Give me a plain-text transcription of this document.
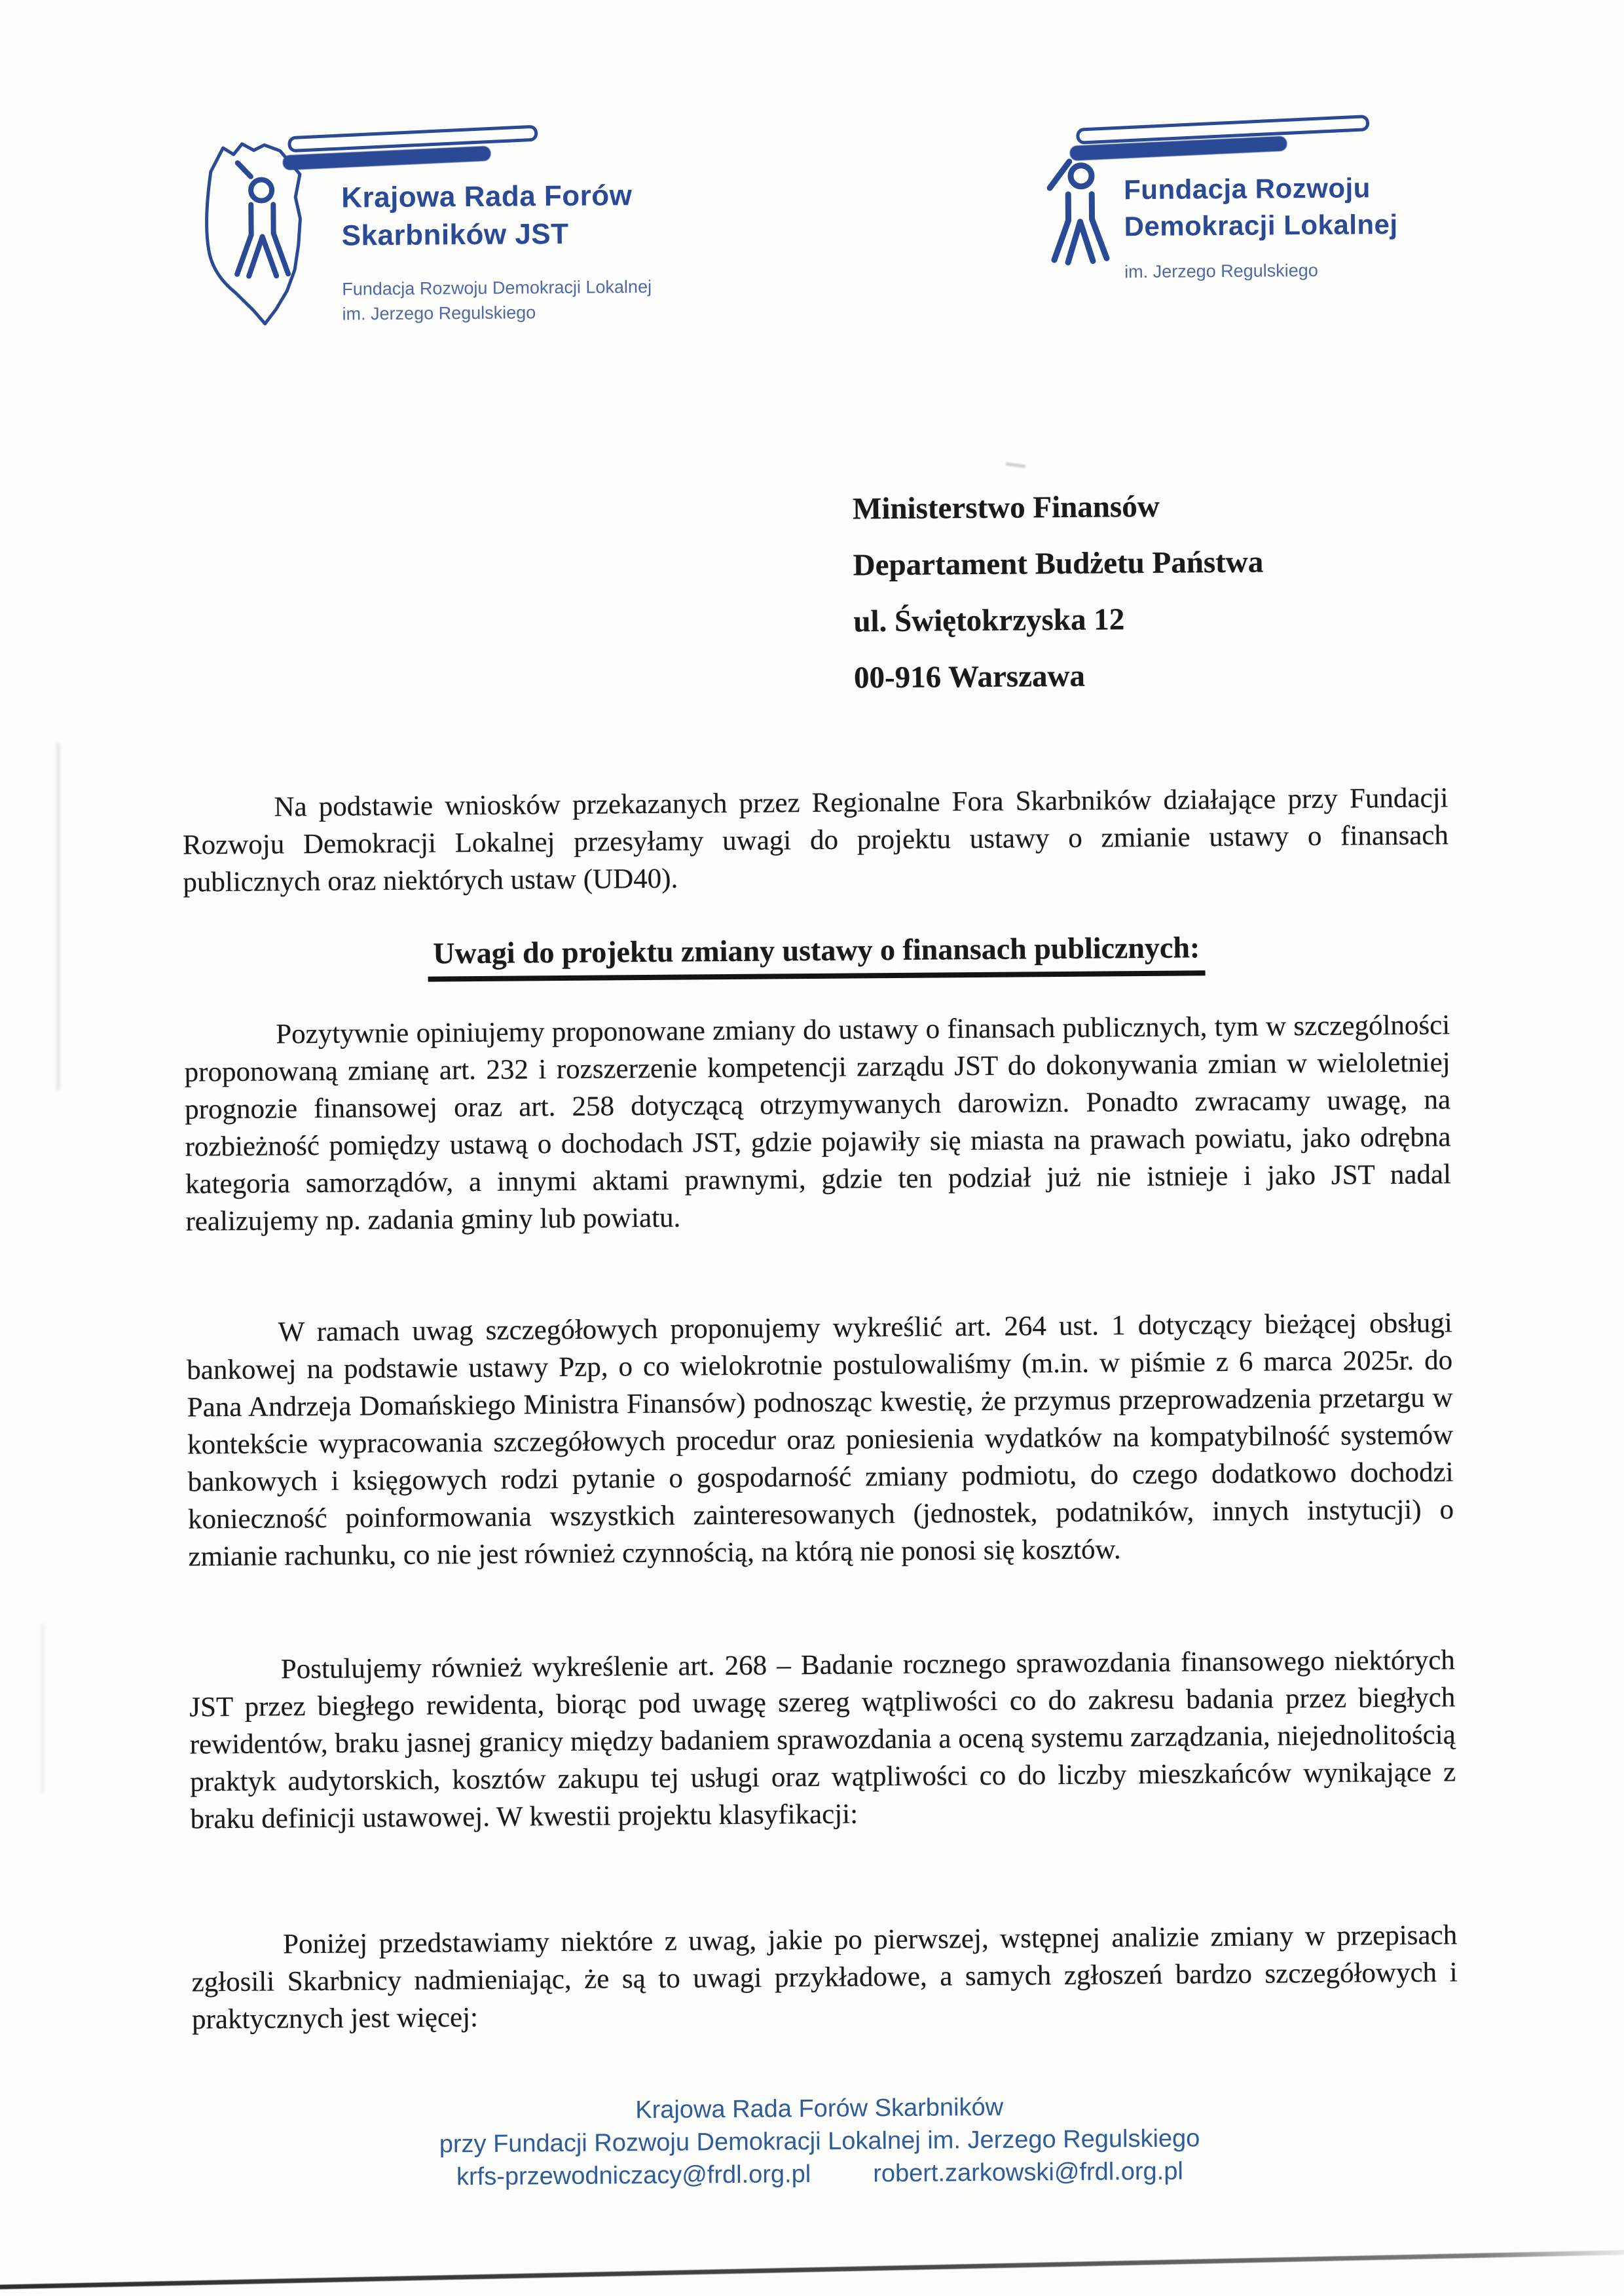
Krajowa Rada Forów
Skarbników JST
Fundacja Rozwoju Demokracji Lokalnej
im. Jerzego Regulskiego
Fundacja Rozwoju
Demokracji Lokalnej
im. Jerzego Regulskiego
Ministerstwo Finansów
Departament Budżetu Państwa
ul. Świętokrzyska 12
00-916 Warszawa

Na podstawie wniosków przekazanych przez Regionalne Fora Skarbników działające przy Fundacji Rozwoju Demokracji Lokalnej przesyłamy uwagi do projektu ustawy o zmianie ustawy o finansach publicznych oraz niektórych ustaw (UD40).

Uwagi do projektu zmiany ustawy o finansach publicznych:

Pozytywnie opiniujemy proponowane zmiany do ustawy o finansach publicznych, tym w szczególności proponowaną zmianę art. 232 i rozszerzenie kompetencji zarządu JST do dokonywania zmian w wieloletniej prognozie finansowej oraz art. 258 dotyczącą otrzymywanych darowizn. Ponadto zwracamy uwagę, na rozbieżność pomiędzy ustawą o dochodach JST, gdzie pojawiły się miasta na prawach powiatu, jako odrębna kategoria samorządów, a innymi aktami prawnymi, gdzie ten podział już nie istnieje i jako JST nadal realizujemy np. zadania gminy lub powiatu.

W ramach uwag szczegółowych proponujemy wykreślić art. 264 ust. 1 dotyczący bieżącej obsługi bankowej na podstawie ustawy Pzp, o co wielokrotnie postulowaliśmy (m.in. w piśmie z 6 marca 2025r. do Pana Andrzeja Domańskiego Ministra Finansów) podnosząc kwestię, że przymus przeprowadzenia przetargu w kontekście wypracowania szczegółowych procedur oraz poniesienia wydatków na kompatybilność systemów bankowych i księgowych rodzi pytanie o gospodarność zmiany podmiotu, do czego dodatkowo dochodzi konieczność poinformowania wszystkich zainteresowanych (jednostek, podatników, innych instytucji) o zmianie rachunku, co nie jest również czynnością, na którą nie ponosi się kosztów.

Postulujemy również wykreślenie art. 268 – Badanie rocznego sprawozdania finansowego niektórych JST przez biegłego rewidenta, biorąc pod uwagę szereg wątpliwości co do zakresu badania przez biegłych rewidentów, braku jasnej granicy między badaniem sprawozdania a oceną systemu zarządzania, niejednolitością praktyk audytorskich, kosztów zakupu tej usługi oraz wątpliwości co do liczby mieszkańców wynikające z braku definicji ustawowej. W kwestii projektu klasyfikacji:

Poniżej przedstawiamy niektóre z uwag, jakie po pierwszej, wstępnej analizie zmiany w przepisach zgłosili Skarbnicy nadmieniając, że są to uwagi przykładowe, a samych zgłoszeń bardzo szczegółowych i praktycznych jest więcej:

Krajowa Rada Forów Skarbników
przy Fundacji Rozwoju Demokracji Lokalnej im. Jerzego Regulskiego
krfs-przewodniczacy@frdl.org.pl robert.zarkowski@frdl.org.pl
